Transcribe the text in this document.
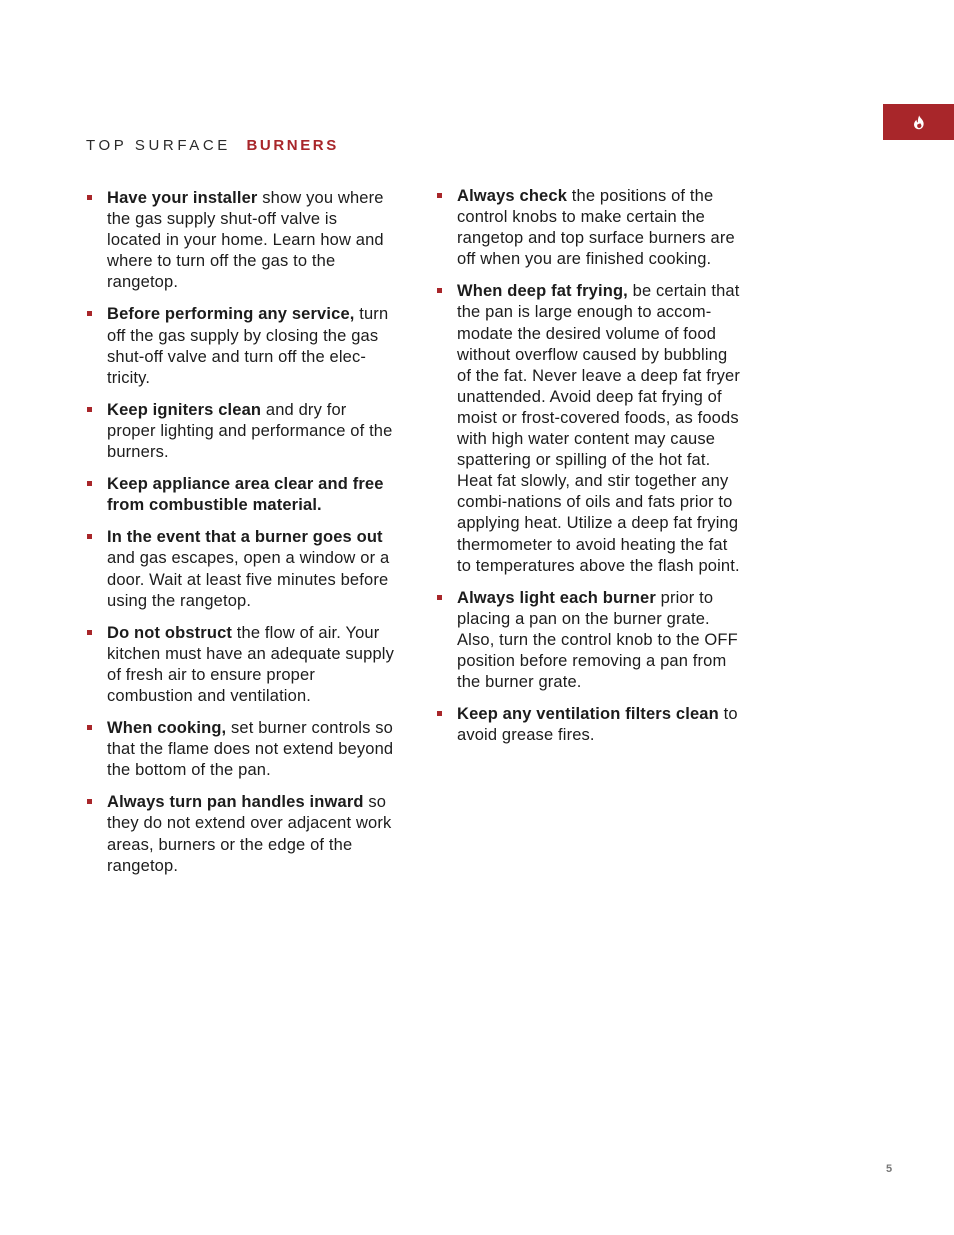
TOP SURFACE BURNERS
Have your installer show you where the gas supply shut-off valve is located in your home. Learn how and where to turn off the gas to the rangetop.
Before performing any service, turn off the gas supply by closing the gas shut-off valve and turn off the elec-tricity.
Keep igniters clean and dry for proper lighting and performance of the burners.
Keep appliance area clear and free from combustible material.
In the event that a burner goes out and gas escapes, open a window or a door. Wait at least five minutes before using the rangetop.
Do not obstruct the flow of air. Your kitchen must have an adequate supply of fresh air to ensure proper combustion and ventilation.
When cooking, set burner controls so that the flame does not extend beyond the bottom of the pan.
Always turn pan handles inward so they do not extend over adjacent work areas, burners or the edge of the rangetop.
Always check the positions of the control knobs to make certain the rangetop and top surface burners are off when you are finished cooking.
When deep fat frying, be certain that the pan is large enough to accom-modate the desired volume of food without overflow caused by bubbling of the fat. Never leave a deep fat fryer unattended. Avoid deep fat frying of moist or frost-covered foods, as foods with high water content may cause spattering or spilling of the hot fat. Heat fat slowly, and stir together any combi-nations of oils and fats prior to applying heat. Utilize a deep fat frying thermometer to avoid heating the fat to temperatures above the flash point.
Always light each burner prior to placing a pan on the burner grate. Also, turn the control knob to the OFF position before removing a pan from the burner grate.
Keep any ventilation filters clean to avoid grease fires.
5
